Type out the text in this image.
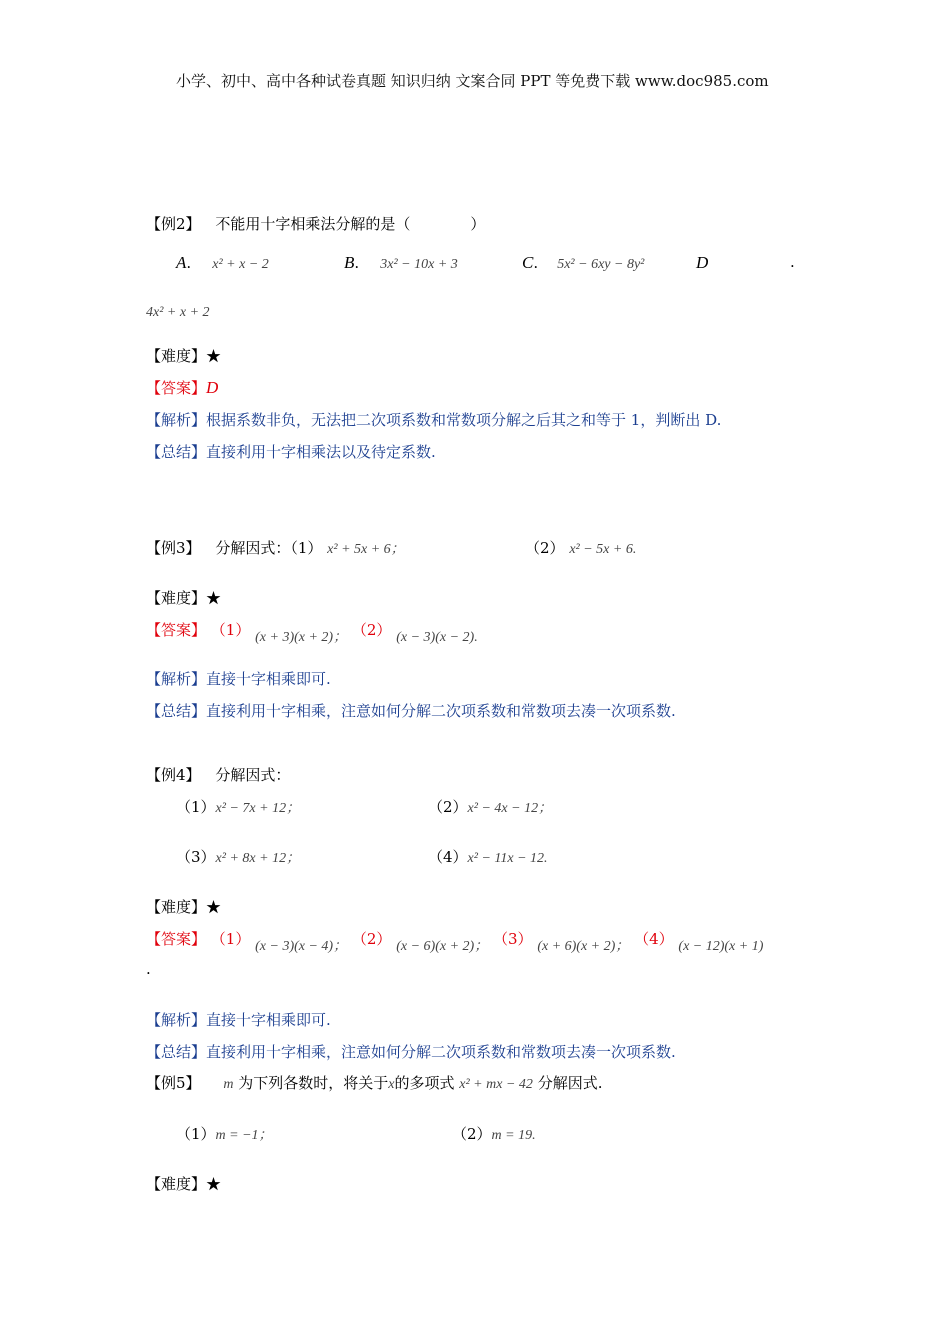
小学、初中、高中各种试卷真题 知识归纳 文案合同 PPT 等免费下载 www.doc985.com
【例2】 不能用十字相乘法分解的是（　　　　）
A. x² + x − 2	B. 3x² − 10x + 3	C. 5x² − 6xy − 8y²	D	.
4x² + x + 2
【难度】★
【答案】D
【解析】根据系数非负，无法把二次项系数和常数项分解之后其之和等于 1，判断出 D.
【总结】直接利用十字相乘法以及待定系数.
【例3】 分解因式：（1） x² + 5x + 6；	（2） x² − 5x + 6.
【难度】★
【答案】 （1） (x + 3)(x + 2)； （2） (x − 3)(x − 2).
【解析】直接十字相乘即可.
【总结】直接利用十字相乘，注意如何分解二次项系数和常数项去凑一次项系数.
【例4】 分解因式：
（1）x² − 7x + 12；	（2）x² − 4x − 12；
（3）x² + 8x + 12；	（4）x² − 11x − 12.
【难度】★
【答案】 （1） (x − 3)(x − 4)； （2） (x − 6)(x + 2)； （3） (x + 6)(x + 2)； （4） (x − 12)(x + 1)
.
【解析】直接十字相乘即可.
【总结】直接利用十字相乘，注意如何分解二次项系数和常数项去凑一次项系数.
【例5】 m 为下列各数时，将关于x的多项式 x² + mx − 42 分解因式.
（1）m = −1；	（2）m = 19.
【难度】★
